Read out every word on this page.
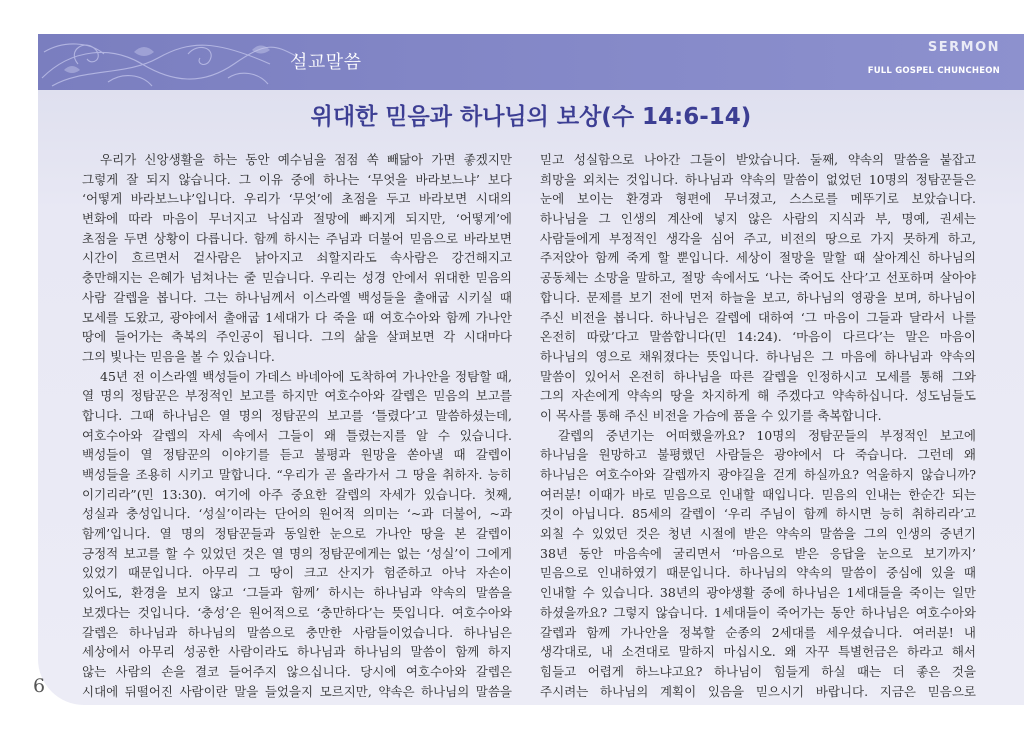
설교말씀
SERMON
FULL GOSPEL CHUNCHEON
위대한 믿음과 하나님의 보상(수 14:6-14)
우리가 신앙생활을 하는 동안 예수님을 점점 쏙 빼닮아 가면 좋겠지만
그렇게 잘 되지 않습니다. 그 이유 중에 하나는 ‘무엇을 바라보느냐’ 보다
‘어떻게 바라보느냐’입니다. 우리가 ‘무엇’에 초점을 두고 바라보면 시대의
변화에 따라 마음이 무너지고 낙심과 절망에 빠지게 되지만, ‘어떻게’에
초점을 두면 상황이 다릅니다. 함께 하시는 주님과 더불어 믿음으로 바라보면
시간이 흐르면서 겉사람은 낡아지고 쇠할지라도 속사람은 강건해지고
충만해지는 은혜가 넘쳐나는 줄 믿습니다. 우리는 성경 안에서 위대한 믿음의
사람 갈렙을 봅니다. 그는 하나님께서 이스라엘 백성들을 출애굽 시키실 때
모세를 도왔고, 광야에서 출애굽 1세대가 다 죽을 때 여호수아와 함께 가나안
땅에 들어가는 축복의 주인공이 됩니다. 그의 삶을 살펴보면 각 시대마다
그의 빛나는 믿음을 볼 수 있습니다.
45년 전 이스라엘 백성들이 가데스 바네아에 도착하여 가나안을 정탐할 때,
열 명의 정탐꾼은 부정적인 보고를 하지만 여호수아와 갈렙은 믿음의 보고를
합니다. 그때 하나님은 열 명의 정탐꾼의 보고를 ‘틀렸다’고 말씀하셨는데,
여호수아와 갈렙의 자세 속에서 그들이 왜 틀렸는지를 알 수 있습니다.
백성들이 열 정탐꾼의 이야기를 듣고 불평과 원망을 쏟아낼 때 갈렙이
백성들을 조용히 시키고 말합니다. “우리가 곧 올라가서 그 땅을 취하자. 능히
이기리라”(민 13:30). 여기에 아주 중요한 갈렙의 자세가 있습니다. 첫째,
성실과 충성입니다. ‘성실’이라는 단어의 원어적 의미는 ‘~과 더불어, ~과
함께’입니다. 열 명의 정탐꾼들과 동일한 눈으로 가나안 땅을 본 갈렙이
긍정적 보고를 할 수 있었던 것은 열 명의 정탐꾼에게는 없는 ‘성실’이 그에게
있었기 때문입니다. 아무리 그 땅이 크고 산지가 험준하고 아낙 자손이
있어도, 환경을 보지 않고 ‘그들과 함께’ 하시는 하나님과 약속의 말씀을
보겠다는 것입니다. ‘충성’은 원어적으로 ‘충만하다’는 뜻입니다. 여호수아와
갈렙은 하나님과 하나님의 말씀으로 충만한 사람들이었습니다. 하나님은
세상에서 아무리 성공한 사람이라도 하나님과 하나님의 말씀이 함께 하지
않는 사람의 손을 결코 들어주지 않으십니다. 당시에 여호수아와 갈렙은
시대에 뒤떨어진 사람이란 말을 들었을지 모르지만, 약속은 하나님의 말씀을
믿고 성실함으로 나아간 그들이 받았습니다. 둘째, 약속의 말씀을 붙잡고
희망을 외치는 것입니다. 하나님과 약속의 말씀이 없었던 10명의 정탐꾼들은
눈에 보이는 환경과 형편에 무너졌고, 스스로를 메뚜기로 보았습니다.
하나님을 그 인생의 계산에 넣지 않은 사람의 지식과 부, 명예, 권세는
사람들에게 부정적인 생각을 심어 주고, 비전의 땅으로 가지 못하게 하고,
주저앉아 함께 죽게 할 뿐입니다. 세상이 절망을 말할 때 살아계신 하나님의
공동체는 소망을 말하고, 절망 속에서도 ‘나는 죽어도 산다’고 선포하며 살아야
합니다. 문제를 보기 전에 먼저 하늘을 보고, 하나님의 영광을 보며, 하나님이
주신 비전을 봅니다. 하나님은 갈렙에 대하여 ‘그 마음이 그들과 달라서 나를
온전히 따랐’다고 말씀합니다(민 14:24). ‘마음이 다르다’는 말은 마음이
하나님의 영으로 채워졌다는 뜻입니다. 하나님은 그 마음에 하나님과 약속의
말씀이 있어서 온전히 하나님을 따른 갈렙을 인정하시고 모세를 통해 그와
그의 자손에게 약속의 땅을 차지하게 해 주겠다고 약속하십니다. 성도님들도
이 목사를 통해 주신 비전을 가슴에 품을 수 있기를 축복합니다.
갈렙의 중년기는 어떠했을까요? 10명의 정탐꾼들의 부정적인 보고에
하나님을 원망하고 불평했던 사람들은 광야에서 다 죽습니다. 그런데 왜
하나님은 여호수아와 갈렙까지 광야길을 걷게 하실까요? 억울하지 않습니까?
여러분! 이때가 바로 믿음으로 인내할 때입니다. 믿음의 인내는 한순간 되는
것이 아닙니다. 85세의 갈렙이 ‘우리 주님이 함께 하시면 능히 취하리라’고
외칠 수 있었던 것은 청년 시절에 받은 약속의 말씀을 그의 인생의 중년기
38년 동안 마음속에 굴리면서 ‘마음으로 받은 응답을 눈으로 보기까지’
믿음으로 인내하였기 때문입니다. 하나님의 약속의 말씀이 중심에 있을 때
인내할 수 있습니다. 38년의 광야생활 중에 하나님은 1세대들을 죽이는 일만
하셨을까요? 그렇지 않습니다. 1세대들이 죽어가는 동안 하나님은 여호수아와
갈렙과 함께 가나안을 정복할 순종의 2세대를 세우셨습니다. 여러분! 내
생각대로, 내 소견대로 말하지 마십시오. 왜 자꾸 특별헌금은 하라고 해서
힘들고 어렵게 하느냐고요? 하나님이 힘들게 하실 때는 더 좋은 것을
주시려는 하나님의 계획이 있음을 믿으시기 바랍니다. 지금은 믿음으로
6
